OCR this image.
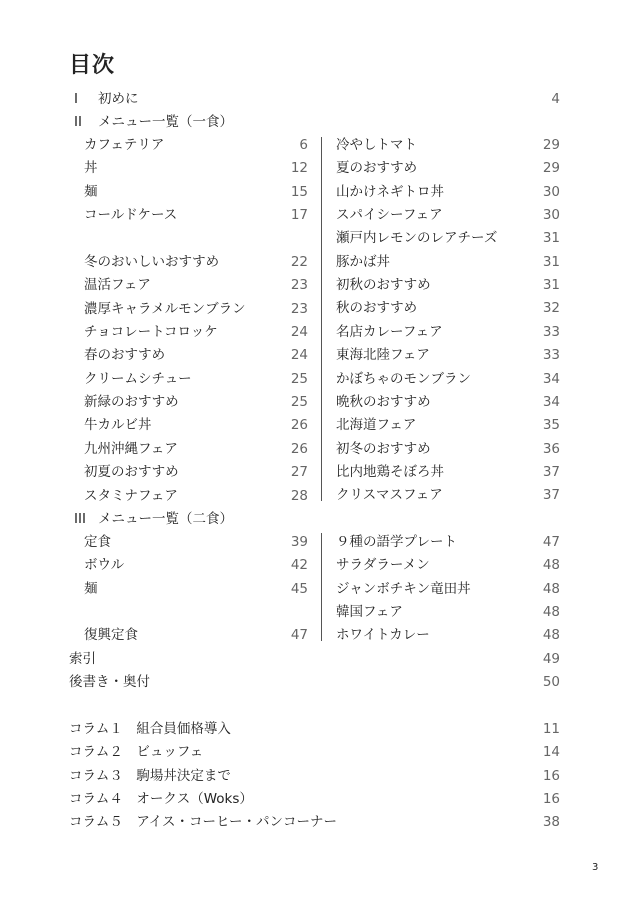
目次
I 初めに	4
II メニュー一覧（一食）
カフェテリア	6
丼	12
麺	15
コールドケース	17
冬のおいしいおすすめ	22
温活フェア	23
濃厚キャラメルモンブラン	23
チョコレートコロッケ	24
春のおすすめ	24
クリームシチュー	25
新緑のおすすめ	25
牛カルビ丼	26
九州沖縄フェア	26
初夏のおすすめ	27
スタミナフェア	28
冷やしトマト	29
夏のおすすめ	29
山かけネギトロ丼	30
スパイシーフェア	30
瀬戸内レモンのレアチーズ	31
豚かば丼	31
初秋のおすすめ	31
秋のおすすめ	32
名店カレーフェア	33
東海北陸フェア	33
かぼちゃのモンブラン	34
晩秋のおすすめ	34
北海道フェア	35
初冬のおすすめ	36
比内地鶏そぼろ丼	37
クリスマスフェア	37
III メニュー一覧（二食）
定食	39
ボウル	42
麺	45
復興定食	47
９種の語学プレート	47
サラダラーメン	48
ジャンボチキン竜田丼	48
韓国フェア	48
ホワイトカレー	48
索引	49
後書き・奥付	50
コラム１　組合員価格導入	11
コラム２　ビュッフェ	14
コラム３　駒場丼決定まで	16
コラム４　オークス（Woks）	16
コラム５　アイス・コーヒー・パンコーナー	38
3
